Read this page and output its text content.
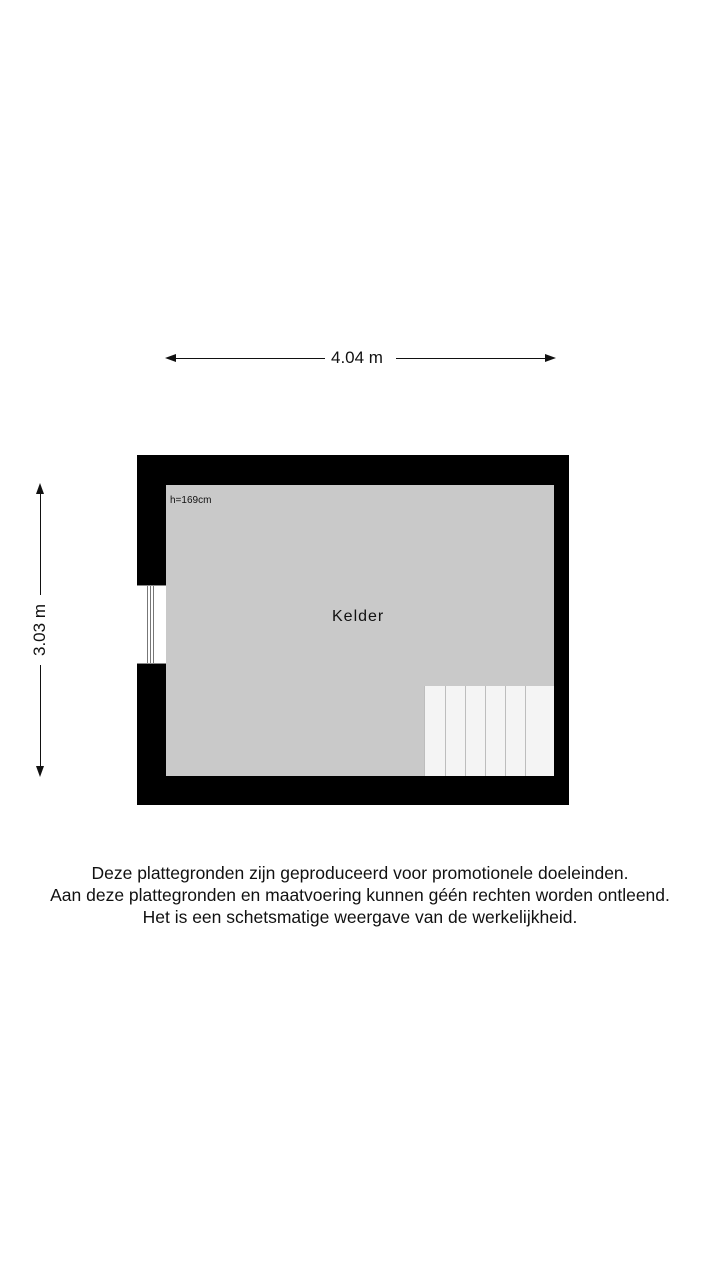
4.04 m
3.03 m
h=169cm
Kelder
Deze plattegronden zijn geproduceerd voor promotionele doeleinden.
Aan deze plattegronden en maatvoering kunnen géén rechten worden ontleend.
Het is een schetsmatige weergave van de werkelijkheid.
